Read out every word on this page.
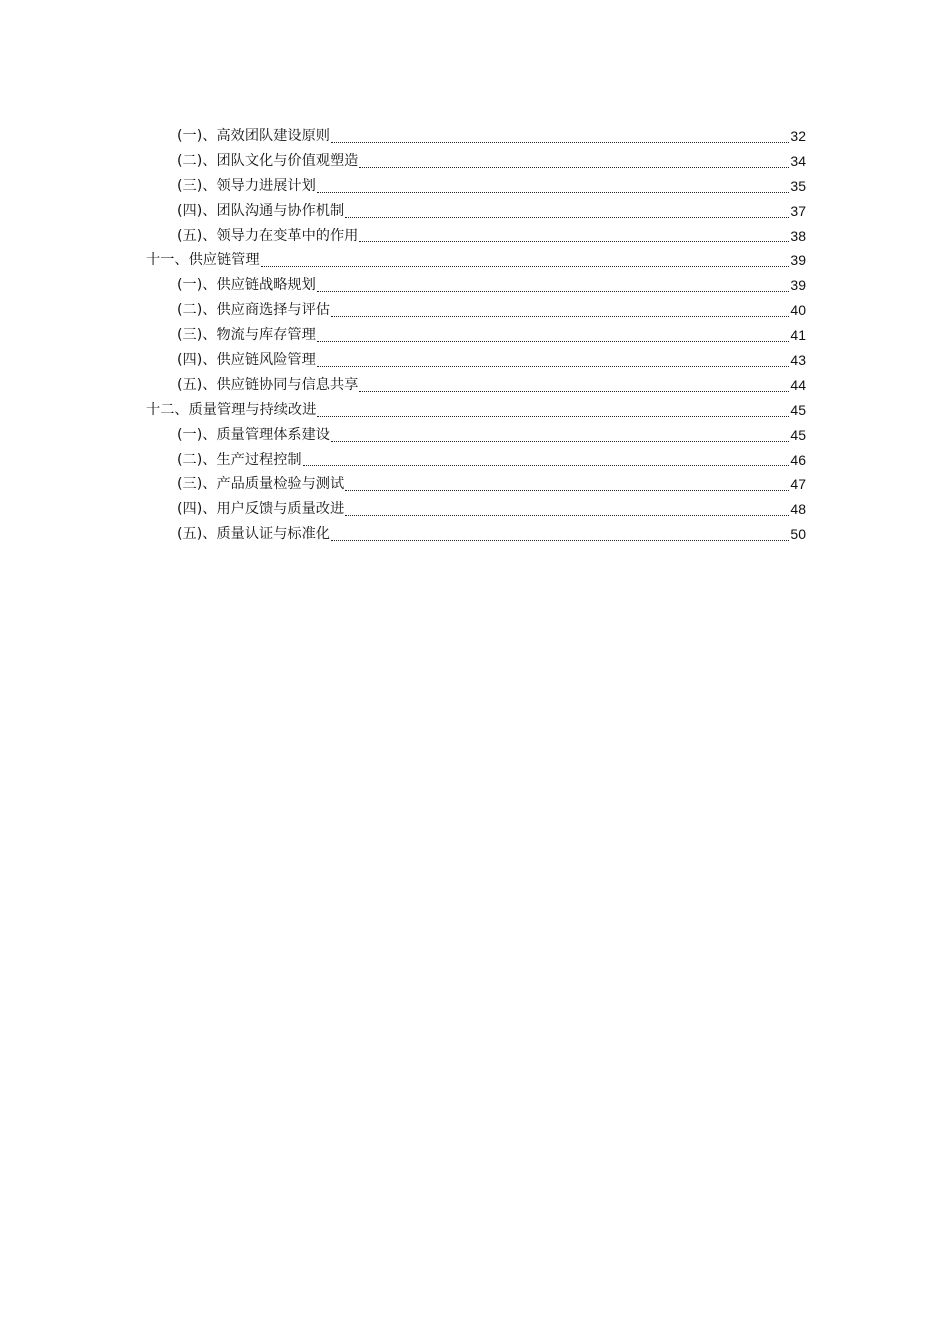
(一)、高效团队建设原则	32
(二)、团队文化与价值观塑造	34
(三)、领导力进展计划	35
(四)、团队沟通与协作机制	37
(五)、领导力在变革中的作用	38
十一、供应链管理	39
(一)、供应链战略规划	39
(二)、供应商选择与评估	40
(三)、物流与库存管理	41
(四)、供应链风险管理	43
(五)、供应链协同与信息共享	44
十二、质量管理与持续改进	45
(一)、质量管理体系建设	45
(二)、生产过程控制	46
(三)、产品质量检验与测试	47
(四)、用户反馈与质量改进	48
(五)、质量认证与标准化	50
